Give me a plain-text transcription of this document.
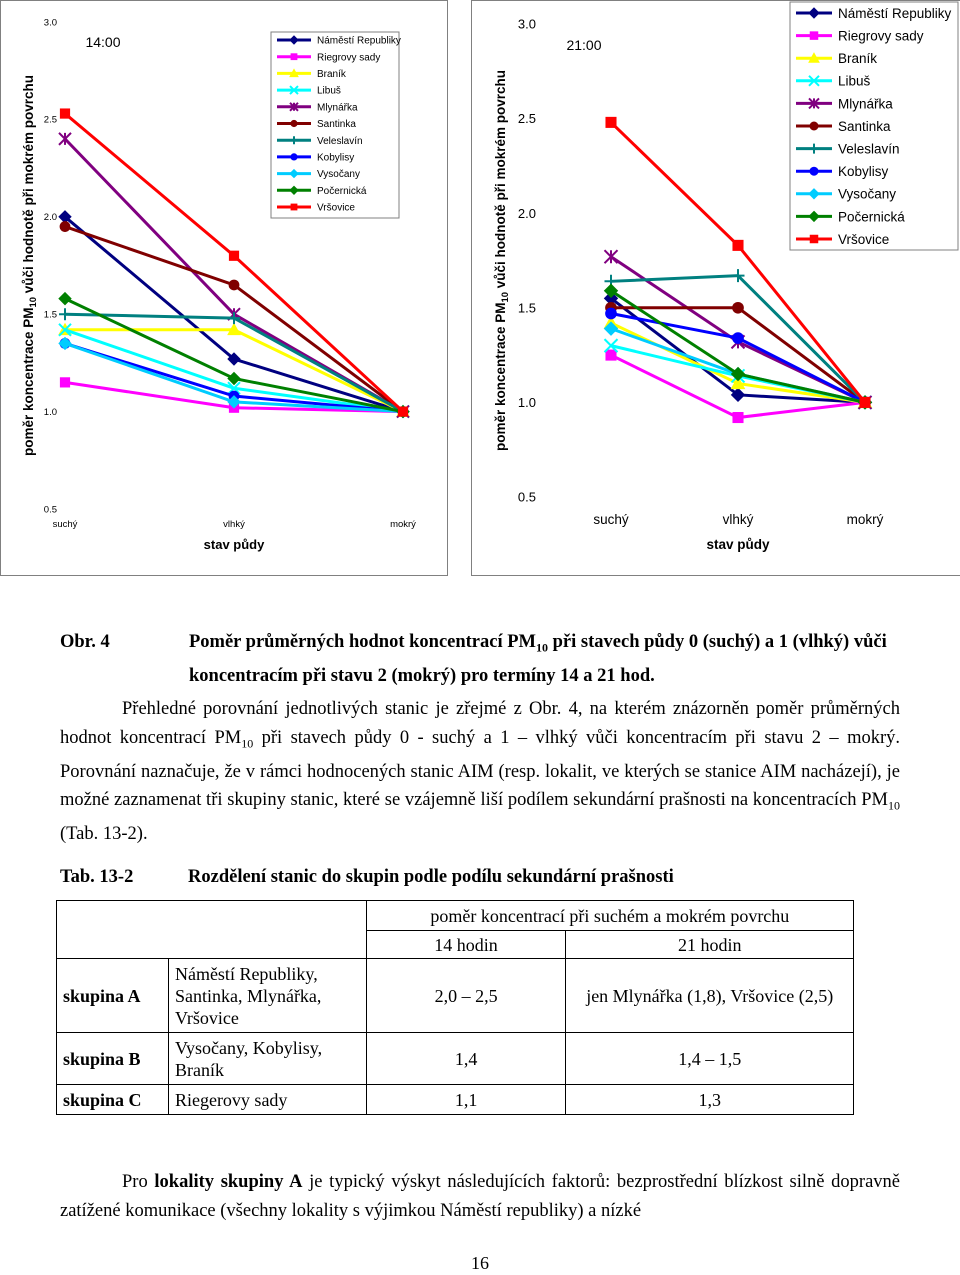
poměr koncentrace $PM_{10}$ vůči hodnotě při mokrém povrchu
0.5
1.0
1.5
2.0
2.5
3.0
suchý	vlhký	mokrý
stav půdy
14:00	Náměstí Republiky
Riegrovy sady
Braník
Libuš
Mlynářka
Santinka
Veleslavín
Kobylisy
Vysočany
Počernická
Vršovice
poměr koncentrace $PM_{10}$ vůči hodnotě při mokrém povrchu
0.5
1.0
1.5
2.0
2.5
3.0
suchý	vlhký	mokrý
stav půdy
21:00
Náměstí Republiky
Riegrovy sady
Braník
Libuš
Mlynářka
Santinka
Veleslavín
Kobylisy
Vysočany
Počernická
Vršovice
Obr. 4	Poměr průměrných hodnot koncentrací $PM_{10}$ při stavech půdy 0 (suchý) a 1 (vlhký) vůči koncentracím při stavu 2 (mokrý) pro termíny 14 a 21 hod.

Přehledné porovnání jednotlivých stanic je zřejmé z Obr. 4, na kterém znázorněn poměr průměrných hodnot koncentrací $PM_{10}$ při stavech půdy 0 - suchý a 1 – vlhký vůči koncentracím při stavu 2 – mokrý. Porovnání naznačuje, že v rámci hodnocených stanic AIM (resp. lokalit, ve kterých se stanice AIM nacházejí), je možné zaznamenat tři skupiny stanic, které se vzájemně liší podílem sekundární prašnosti na koncentracích $PM_{10}$ (Tab. 13-2).

Tab. 13-2	Rozdělení stanic do skupin podle podílu sekundární prašnosti
		poměr koncentrací při suchém a mokrém povrchu	
		14 hodin	21 hodin
skupina A	Náměstí Republiky, Santinka, Mlynářka, Vršovice	2,0 – 2,5	jen Mlynářka (1,8), Vršovice (2,5)
skupina B	Vysočany, Kobylisy, Braník	1,4	1,4 – 1,5
skupina C	Riegerovy sady	1,1	1,3

Pro lokality skupiny A je typický výskyt následujících faktorů: bezprostřední blízkost silně dopravně zatížené komunikace (všechny lokality s výjimkou Náměstí republiky) a nízké

16
